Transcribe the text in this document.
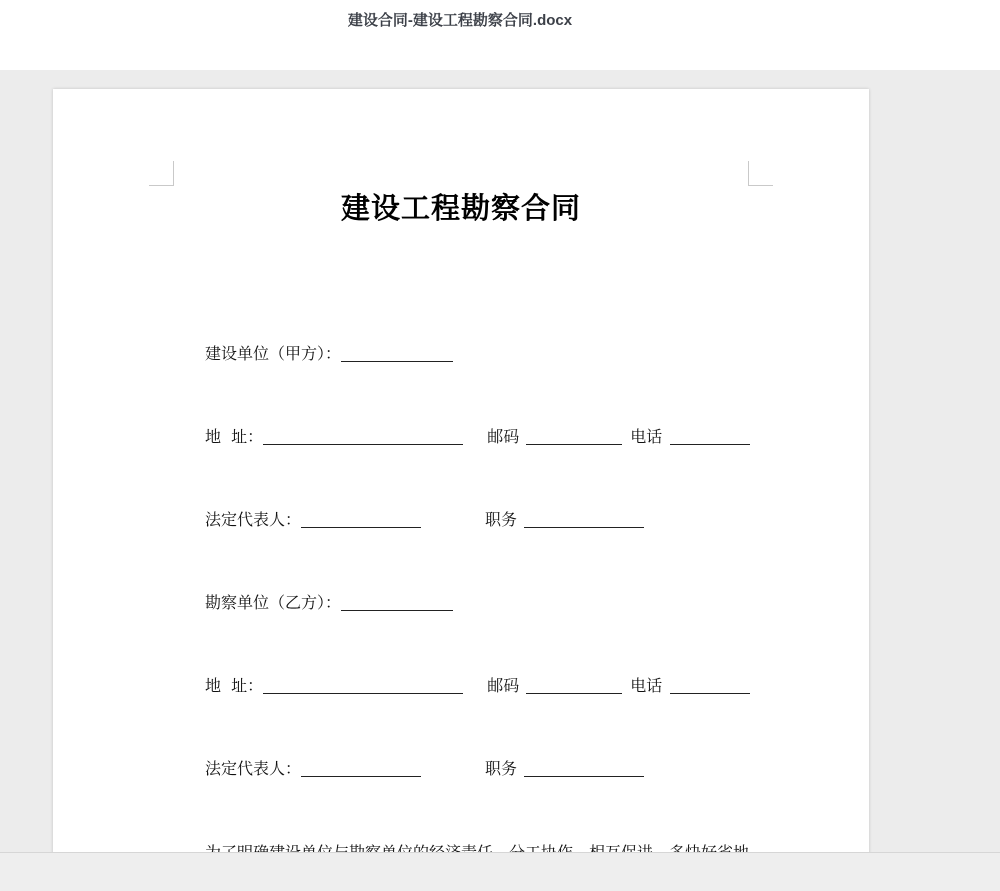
建设合同-建设工程勘察合同.docx
建设工程勘察合同
建设单位（甲方）：
地  址：	邮码	电话
法定代表人：	职务
勘察单位（乙方）：
地  址：	邮码	电话
法定代表人：	职务
